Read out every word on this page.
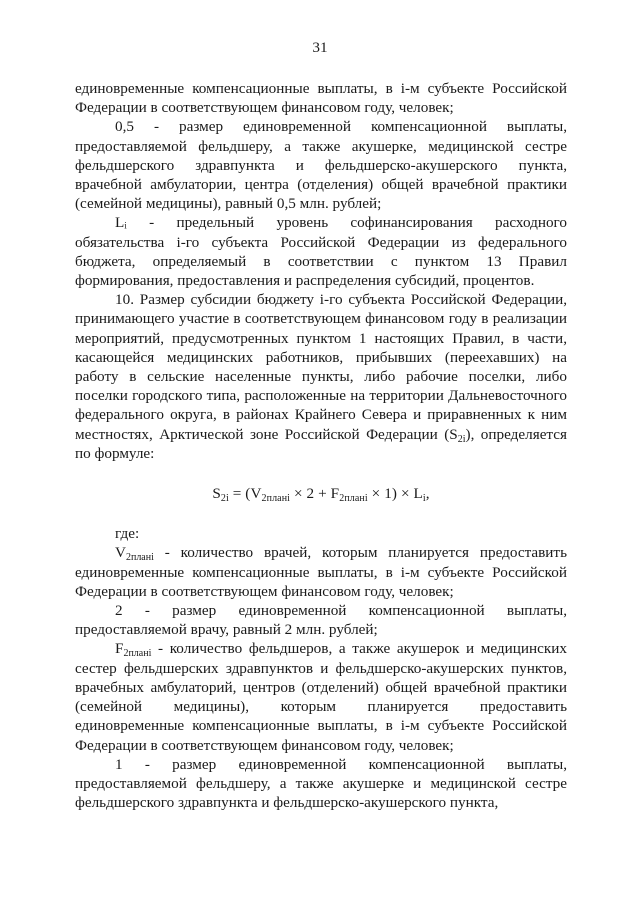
31

единовременные компенсационные выплаты, в i-м субъекте Российской Федерации в соответствующем финансовом году, человек;

0,5 - размер единовременной компенсационной выплаты, предоставляемой фельдшеру, а также акушерке, медицинской сестре фельдшерского здравпункта и фельдшерско-акушерского пункта, врачебной амбулатории, центра (отделения) общей врачебной практики (семейной медицины), равный 0,5 млн. рублей;

Lᵢ - предельный уровень софинансирования расходного обязательства i-го субъекта Российской Федерации из федерального бюджета, определяемый в соответствии с пунктом 13 Правил формирования, предоставления и распределения субсидий, процентов.

10. Размер субсидии бюджету i-го субъекта Российской Федерации, принимающего участие в соответствующем финансовом году в реализации мероприятий, предусмотренных пунктом 1 настоящих Правил, в части, касающейся медицинских работников, прибывших (переехавших) на работу в сельские населенные пункты, либо рабочие поселки, либо поселки городского типа, расположенные на территории Дальневосточного федерального округа, в районах Крайнего Севера и приравненных к ним местностях, Арктической зоне Российской Федерации $(S_{2i})$, определяется по формуле:

$S_{2i} = (V_{2плані} \times 2 + F_{2плані} \times 1) \times L_i$,

где:

$V_{2плані}$ - количество врачей, которым планируется предоставить единовременные компенсационные выплаты, в i-м субъекте Российской Федерации в соответствующем финансовом году, человек;

2 - размер единовременной компенсационной выплаты, предоставляемой врачу, равный 2 млн. рублей;

$F_{2плані}$ - количество фельдшеров, а также акушерок и медицинских сестер фельдшерских здравпунктов и фельдшерско-акушерских пунктов, врачебных амбулаторий, центров (отделений) общей врачебной практики (семейной медицины), которым планируется предоставить единовременные компенсационные выплаты, в i-м субъекте Российской Федерации в соответствующем финансовом году, человек;

1 - размер единовременной компенсационной выплаты, предоставляемой фельдшеру, а также акушерке и медицинской сестре фельдшерского здравпункта и фельдшерско-акушерского пункта,
